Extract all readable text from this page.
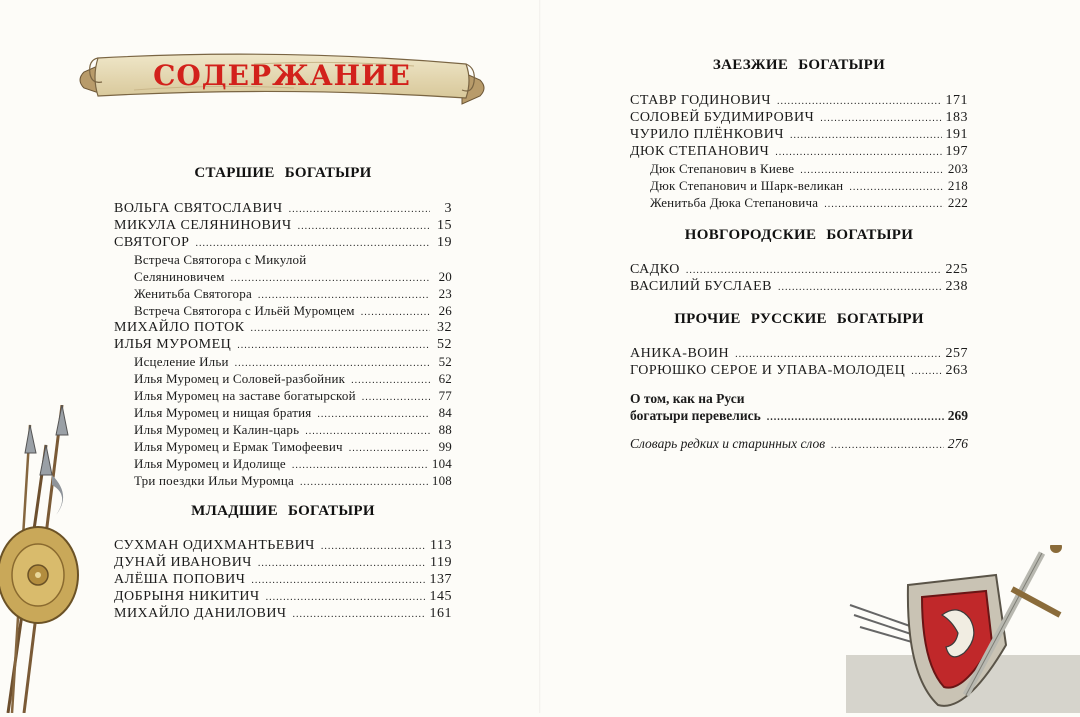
СОДЕРЖАНИЕ
СТАРШИЕ БОГАТЫРИ
ВОЛЬГА СВЯТОСЛАВИЧ .....	3
МИКУЛА СЕЛЯНИНОВИЧ .....	15
СВЯТОГОР .....	19
Встреча Святогора с Микулой
Селяниновичем .....	20
Женитьба Святогора .....	23
Встреча Святогора с Ильёй Муромцем .....	26
МИХАЙЛО ПОТОК .....	32
ИЛЬЯ МУРОМЕЦ .....	52
Исцеление Ильи .....	52
Илья Муромец и Соловей-разбойник .....	62
Илья Муромец на заставе богатырской .....	77
Илья Муромец и нищая братия .....	84
Илья Муромец и Калин-царь .....	88
Илья Муромец и Ермак Тимофеевич .....	99
Илья Муромец и Идолище .....	104
Три поездки Ильи Муромца .....	108
МЛАДШИЕ БОГАТЫРИ
СУХМАН ОДИХМАНТЬЕВИЧ .....	113
ДУНАЙ ИВАНОВИЧ .....	119
АЛЁША ПОПОВИЧ .....	137
ДОБРЫНЯ НИКИТИЧ .....	145
МИХАЙЛО ДАНИЛОВИЧ .....	161
ЗАЕЗЖИЕ БОГАТЫРИ
СТАВР ГОДИНОВИЧ .....	171
СОЛОВЕЙ БУДИМИРОВИЧ .....	183
ЧУРИЛО ПЛЁНКОВИЧ .....	191
ДЮК СТЕПАНОВИЧ .....	197
Дюк Степанович в Киеве .....	203
Дюк Степанович и Шарк-великан .....	218
Женитьба Дюка Степановича .....	222
НОВГОРОДСКИЕ БОГАТЫРИ
САДКО .....	225
ВАСИЛИЙ БУСЛАЕВ .....	238
ПРОЧИЕ РУССКИЕ БОГАТЫРИ
АНИКА-ВОИН .....	257
ГОРЮШКО СЕРОЕ И УПАВА-МОЛОДЕЦ .....	263
О том, как на Руси
богатыри перевелись .....	269
Словарь редких и старинных слов .....	276
